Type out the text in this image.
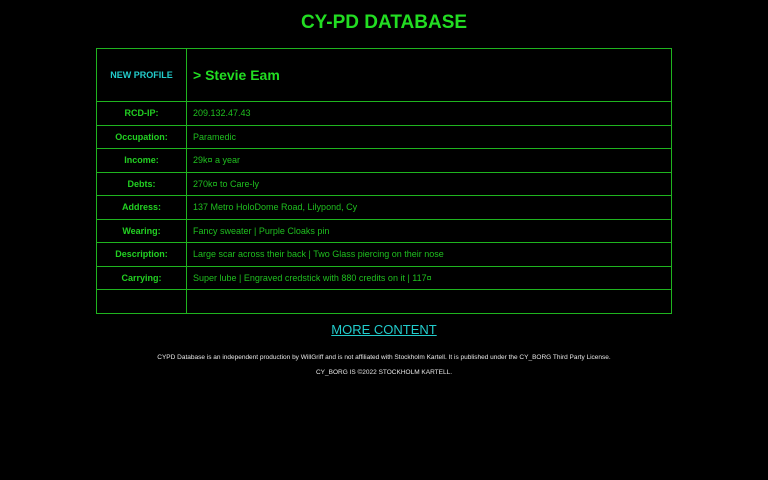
CY-PD DATABASE
NEW PROFILE	> Stevie Eam
RCD-IP:	209.132.47.43
Occupation:	Paramedic
Income:	29k¤ a year
Debts:	270k¤ to Care-ly
Address:	137 Metro HoloDome Road, Lilypond, Cy
Wearing:	Fancy sweater | Purple Cloaks pin
Description:	Large scar across their back | Two Glass piercing on their nose
Carrying:	Super lube | Engraved credstick with 880 credits on it | 117¤

MORE CONTENT
CYPD Database is an independent production by WillGriff and is not affiliated with Stockholm Kartell. It is published under the CY_BORG Third Party License.
CY_BORG IS ©2022 STOCKHOLM KARTELL.
